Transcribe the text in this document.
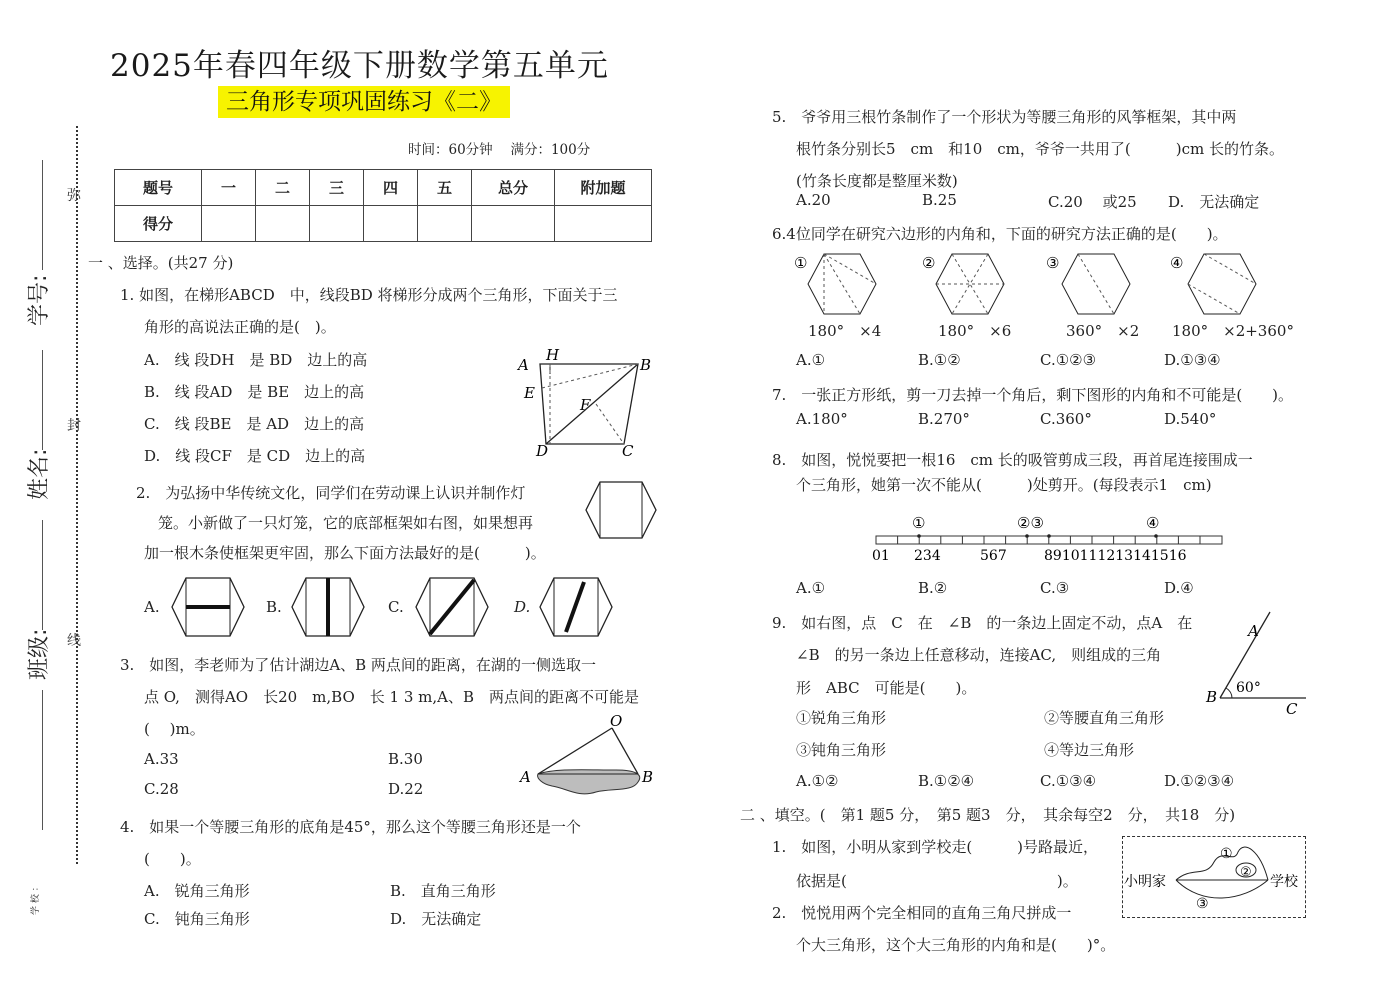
2025年春四年级下册数学第五单元
三角形专项巩固练习《二》
时间：60分钟　 满分：100分
题号	一	二	三	四	五	总分	附加题
得分							
学号:
姓名:
班级:
弥
封
线
学 校 ：
一 、选择。(共27 分)
1. 如图，在梯形ABCD　中，线段BD 将梯形分成两个三角形，下面关于三
角形的高说法正确的是(　)。
A.　线 段DH　是 BD　边上的高
B.　线 段AD　是 BE　边上的高
C.　线 段BE　是 AD　边上的高
D.　线 段CF　是 CD　边上的高
A
H
B
E
F
D	C
2.　为弘扬中华传统文化，同学们在劳动课上认识并制作灯
笼。小新做了一只灯笼，它的底部框架如右图，如果想再
加一根木条使框架更牢固，那么下面方法最好的是(　　　)。
A.	B.	C.	D.
3.　如图，李老师为了估计湖边A、B 两点间的距离，在湖的一侧选取一
点 O,　测得AO　长20　m,BO　长 1 3 m,A、B　两点间的距离不可能是
(　 )m。
A.33	B.30
C.28	D.22
O
A	B
4.　如果一个等腰三角形的底角是45°，那么这个等腰三角形还是一个
(　　)。
A.　锐角三角形	B.　直角三角形
C.　钝角三角形	D.　无法确定
5.　爷爷用三根竹条制作了一个形状为等腰三角形的风筝框架，其中两
根竹条分别长5　cm　和10　cm，爷爷一共用了(　　　)cm 长的竹条。
(竹条长度都是整厘米数)
A.20	B.25	C.20　 或25 D.　无法确定
6.4位同学在研究六边形的内角和，下面的研究方法正确的是(　　)。
①	②	③	④
180°　×4	180°　×6	360°　×2 180°　×2+360°
A.①	B.①②	C.①②③	D.①③④
7.　一张正方形纸，剪一刀去掉一个角后，剩下图形的内角和不可能是(　　)。
A.180°	B.270°	C.360°	D.540°
8.　如图，悦悦要把一根16　cm 长的吸管剪成三段，再首尾连接围成一
个三角形，她第一次不能从(　　　)处剪开。(每段表示1　cm)
①	②③	④
01 234	567	8910111213141516
A.①	B.②	C.③	D.④
9.　如右图，点　C　在　∠B　的一条边上固定不动，点A　在
∠B　的另一条边上任意移动，连接AC,　则组成的三角
形　ABC　可能是(　　)。
A
B
C
60°
①锐角三角形	②等腰直角三角形
③钝角三角形	④等边三角形
A.①②	B.①②④	C.①③④	D.①②③④
二 、填空。(　第1 题5 分，　第5 题3　分，　其余每空2　分，　共18　分)
1.　如图，小明从家到学校走(　　　)号路最近，
依据是(　　　　　　　　　　　　　　)。	小明家	学校
①
②
③
2.　悦悦用两个完全相同的直角三角尺拼成一
个大三角形，这个大三角形的内角和是(　　)°。
